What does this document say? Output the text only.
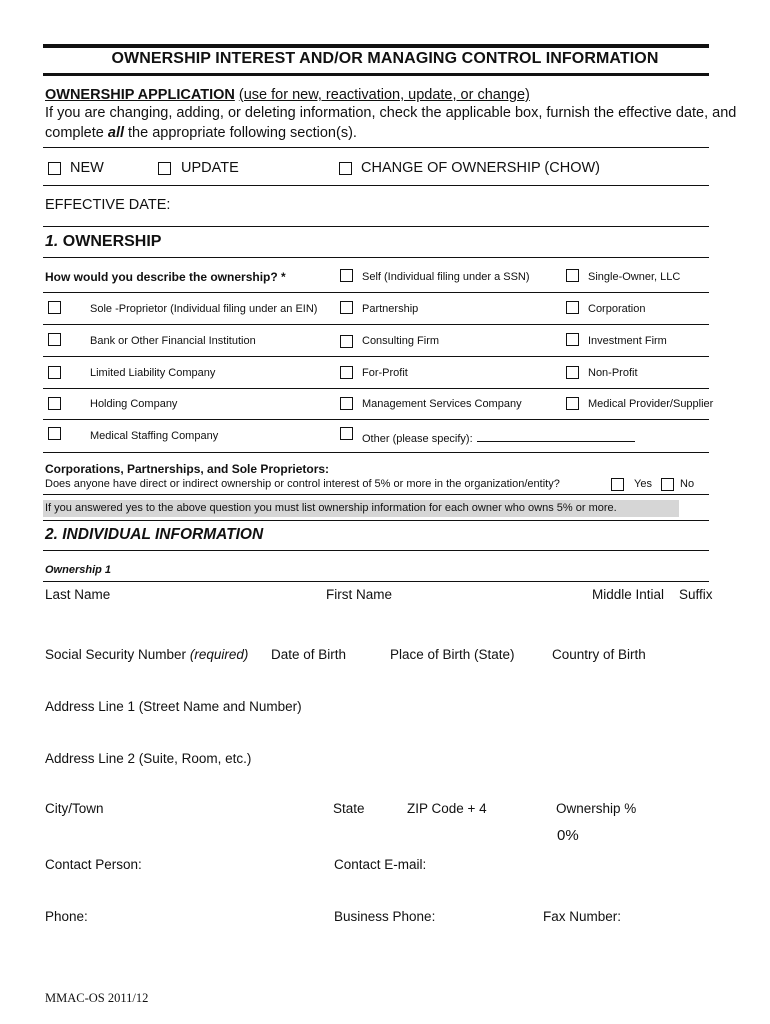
OWNERSHIP INTEREST AND/OR MANAGING CONTROL INFORMATION
OWNERSHIP APPLICATION (use for new, reactivation, update, or change)
If you are changing, adding, or deleting information, check the applicable box, furnish the effective date, and
complete all the appropriate following section(s).
NEW	UPDATE	CHANGE OF OWNERSHIP (CHOW)
EFFECTIVE DATE:
1. OWNERSHIP
How would you describe the ownership? *	Self (Individual filing under a SSN)	Single-Owner, LLC
Sole -Proprietor (Individual filing under an EIN)	Partnership	Corporation
Bank or Other Financial Institution	Consulting Firm	Investment Firm
Limited Liability Company	For-Profit	Non-Profit
Holding Company	Management Services Company	Medical Provider/Supplier
Medical Staffing Company	Other (please specify):
Corporations, Partnerships, and Sole Proprietors:
Does anyone have direct or indirect ownership or control interest of 5% or more in the organization/entity?	Yes	No
If you answered yes to the above question you must list ownership information for each owner who owns 5% or more.
2. INDIVIDUAL INFORMATION
Ownership 1
Last Name	First Name	Middle Intial Suffix
Social Security Number (required) Date of Birth	Place of Birth (State)	Country of Birth
Address Line 1 (Street Name and Number)
Address Line 2 (Suite, Room, etc.)
City/Town	State	ZIP Code + 4	Ownership %
0%
Contact Person:	Contact E-mail:
Phone:	Business Phone:	Fax Number:
MMAC-OS 2011/12
